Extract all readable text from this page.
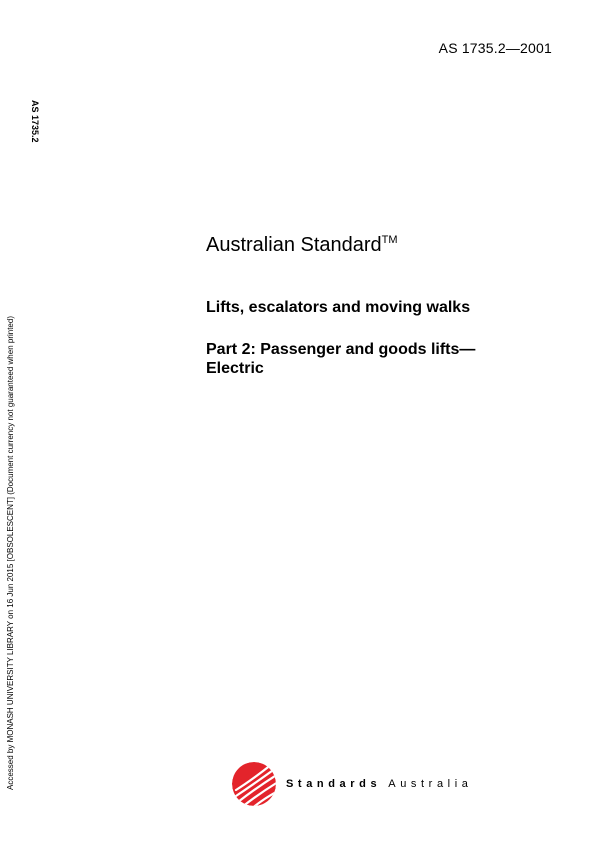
AS 1735.2—2001
AS 1735.2
Accessed by MONASH UNIVERSITY LIBRARY on 16 Jun 2015 [OBSOLESCENT] (Document currency not guaranteed when printed)
Australian Standard™
Lifts, escalators and moving walks
Part 2: Passenger and goods lifts—
Electric
Standards Australia
